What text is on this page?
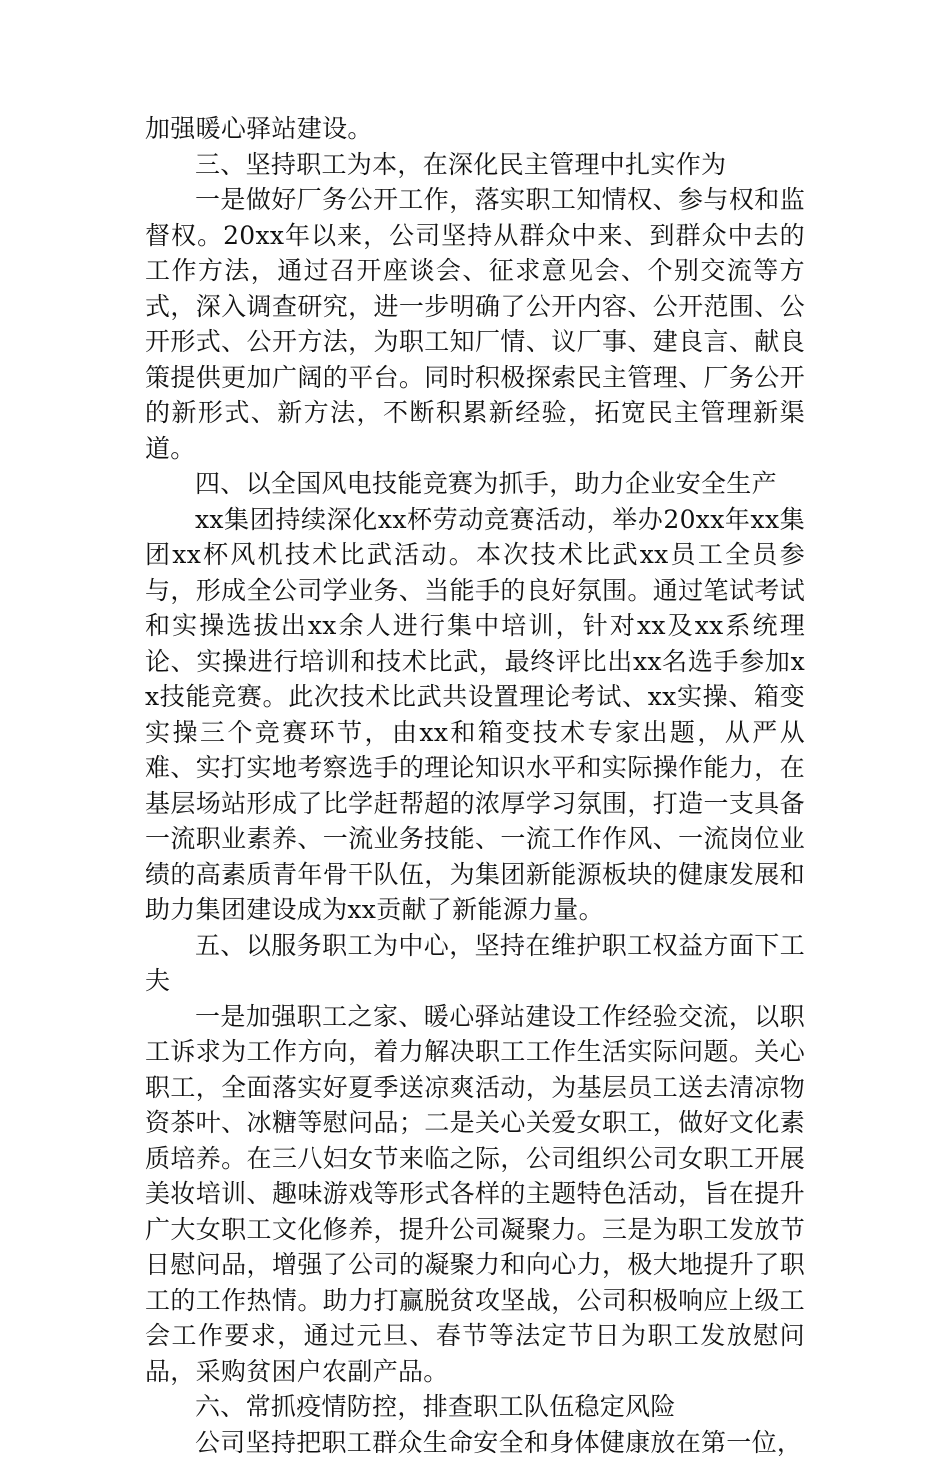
加强暖心驿站建设。

三、坚持职工为本，在深化民主管理中扎实作为

一是做好厂务公开工作，落实职工知情权、参与权和监督权。20xx年以来，公司坚持从群众中来、到群众中去的工作方法，通过召开座谈会、征求意见会、个别交流等方式，深入调查研究，进一步明确了公开内容、公开范围、公开形式、公开方法，为职工知厂情、议厂事、建良言、献良策提供更加广阔的平台。同时积极探索民主管理、厂务公开的新形式、新方法，不断积累新经验，拓宽民主管理新渠道。

四、以全国风电技能竞赛为抓手，助力企业安全生产

xx集团持续深化xx杯劳动竞赛活动，举办20xx年xx集团xx杯风机技术比武活动。本次技术比武xx员工全员参与，形成全公司学业务、当能手的良好氛围。通过笔试考试和实操选拔出xx余人进行集中培训，针对xx及xx系统理论、实操进行培训和技术比武，最终评比出xx名选手参加xx技能竞赛。此次技术比武共设置理论考试、xx实操、箱变实操三个竞赛环节，由xx和箱变技术专家出题，从严从难、实打实地考察选手的理论知识水平和实际操作能力，在基层场站形成了比学赶帮超的浓厚学习氛围，打造一支具备一流职业素养、一流业务技能、一流工作作风、一流岗位业绩的高素质青年骨干队伍，为集团新能源板块的健康发展和助力集团建设成为xx贡献了新能源力量。

五、以服务职工为中心，坚持在维护职工权益方面下工夫

一是加强职工之家、暖心驿站建设工作经验交流，以职工诉求为工作方向，着力解决职工工作生活实际问题。关心职工，全面落实好夏季送凉爽活动，为基层员工送去清凉物资茶叶、冰糖等慰问品；二是关心关爱女职工，做好文化素质培养。在三八妇女节来临之际，公司组织公司女职工开展美妆培训、趣味游戏等形式各样的主题特色活动，旨在提升广大女职工文化修养，提升公司凝聚力。三是为职工发放节日慰问品，增强了公司的凝聚力和向心力，极大地提升了职工的工作热情。助力打赢脱贫攻坚战，公司积极响应上级工会工作要求，通过元旦、春节等法定节日为职工发放慰问品，采购贫困户农副产品。

六、常抓疫情防控，排查职工队伍稳定风险

公司坚持把职工群众生命安全和身体健康放在第一位，
